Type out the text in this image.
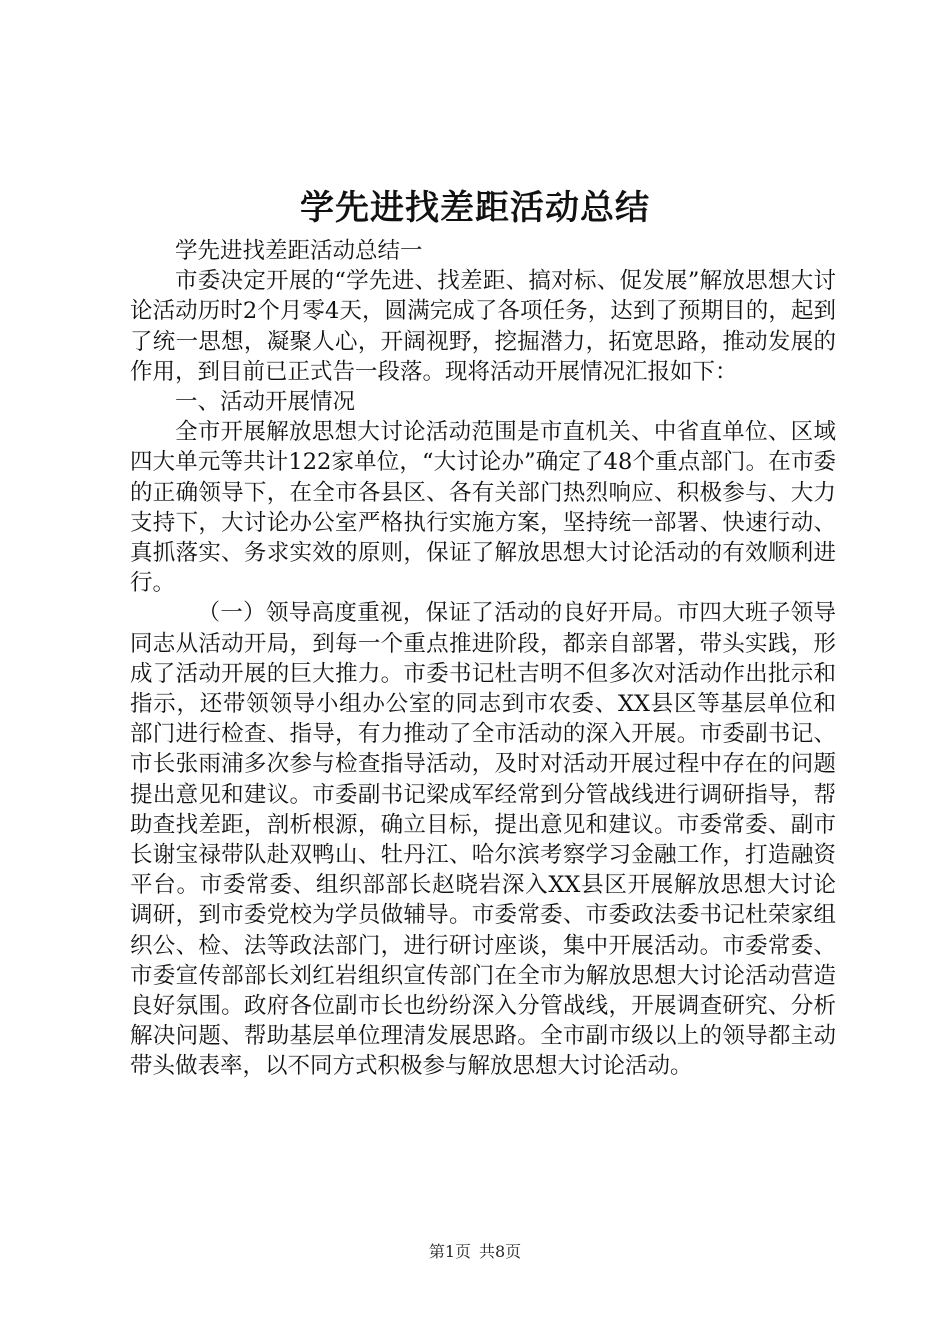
学先进找差距活动总结

学先进找差距活动总结一

市委决定开展的“学先进、找差距、搞对标、促发展”解放思想大讨论活动历时2个月零4天，圆满完成了各项任务，达到了预期目的，起到了统一思想，凝聚人心，开阔视野，挖掘潜力，拓宽思路，推动发展的作用，到目前已正式告一段落。现将活动开展情况汇报如下：

一、活动开展情况

全市开展解放思想大讨论活动范围是市直机关、中省直单位、区域四大单元等共计122家单位，“大讨论办”确定了48个重点部门。在市委的正确领导下，在全市各县区、各有关部门热烈响应、积极参与、大力支持下，大讨论办公室严格执行实施方案，坚持统一部署、快速行动、真抓落实、务求实效的原则，保证了解放思想大讨论活动的有效顺利进行。

（一）领导高度重视，保证了活动的良好开局。市四大班子领导同志从活动开局，到每一个重点推进阶段，都亲自部署，带头实践，形成了活动开展的巨大推力。市委书记杜吉明不但多次对活动作出批示和指示，还带领领导小组办公室的同志到市农委、XX县区等基层单位和部门进行检查、指导，有力推动了全市活动的深入开展。市委副书记、市长张雨浦多次参与检查指导活动，及时对活动开展过程中存在的问题提出意见和建议。市委副书记梁成军经常到分管战线进行调研指导，帮助查找差距，剖析根源，确立目标，提出意见和建议。市委常委、副市长谢宝禄带队赴双鸭山、牡丹江、哈尔滨考察学习金融工作，打造融资平台。市委常委、组织部部长赵晓岩深入XX县区开展解放思想大讨论调研，到市委党校为学员做辅导。市委常委、市委政法委书记杜荣家组织公、检、法等政法部门，进行研讨座谈，集中开展活动。市委常委、市委宣传部部长刘红岩组织宣传部门在全市为解放思想大讨论活动营造良好氛围。政府各位副市长也纷纷深入分管战线，开展调查研究、分析解决问题、帮助基层单位理清发展思路。全市副市级以上的领导都主动带头做表率，以不同方式积极参与解放思想大讨论活动。

第1页 共8页
